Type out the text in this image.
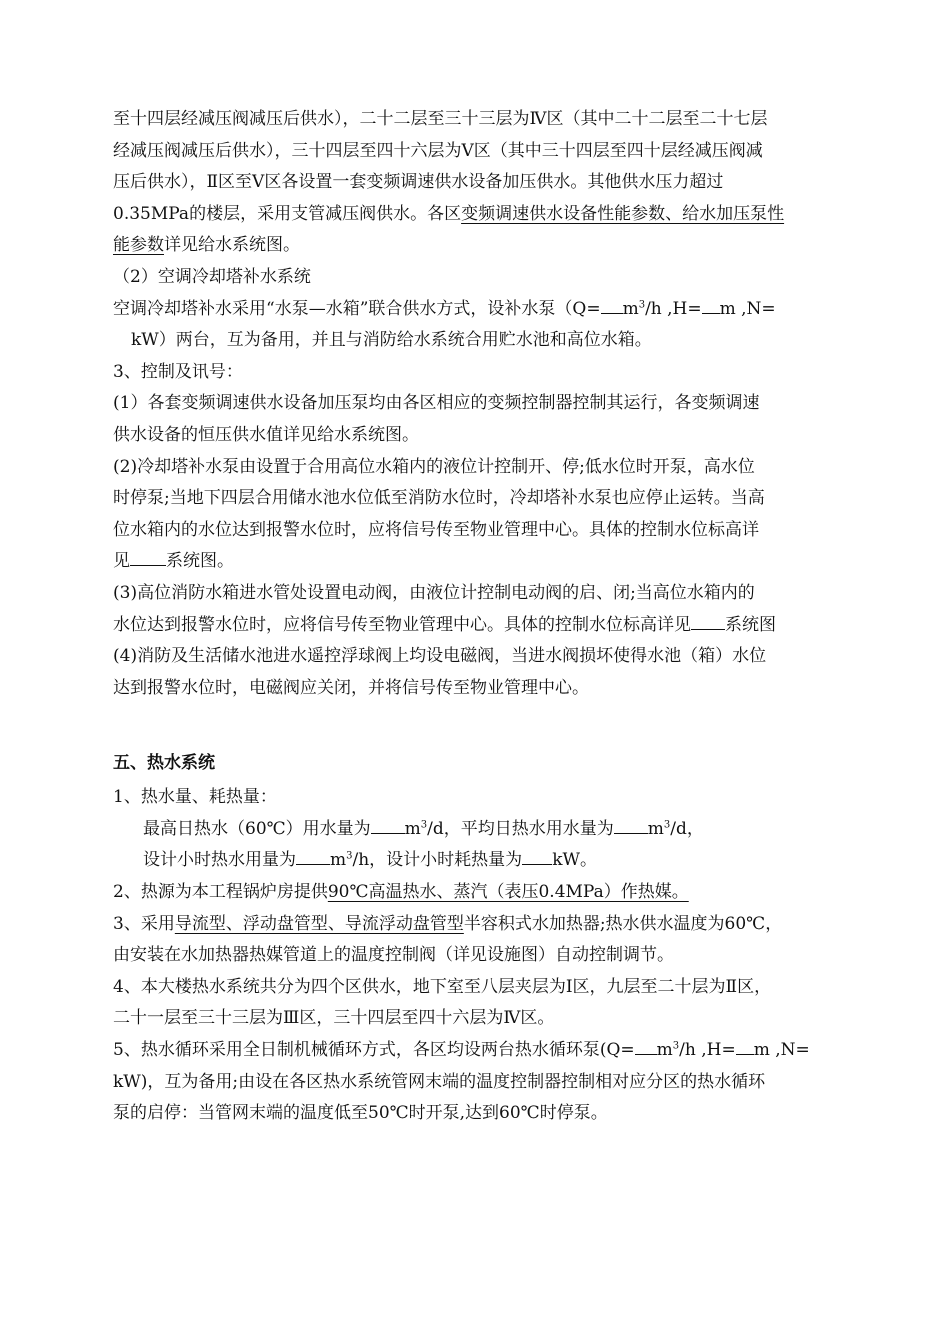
至十四层经减压阀减压后供水），二十二层至三十三层为Ⅳ区（其中二十二层至二十七层
经减压阀减压后供水），三十四层至四十六层为Ⅴ区（其中三十四层至四十层经减压阀减
压后供水），Ⅱ区至Ⅴ区各设置一套变频调速供水设备加压供水。其他供水压力超过
0.35MPa的楼层，采用支管减压阀供水。各区变频调速供水设备性能参数、给水加压泵性
能参数详见给水系统图。
（2）空调冷却塔补水系统
空调冷却塔补水采用“水泵—水箱”联合供水方式，设补水泵（$Q= m^3/h$ ,H= m ,N=
kW）两台，互为备用，并且与消防给水系统合用贮水池和高位水箱。
3、控制及讯号：
(1）各套变频调速供水设备加压泵均由各区相应的变频控制器控制其运行，各变频调速
供水设备的恒压供水值详见给水系统图。
(2)冷却塔补水泵由设置于合用高位水箱内的液位计控制开、停;低水位时开泵，高水位
时停泵;当地下四层合用储水池水位低至消防水位时，冷却塔补水泵也应停止运转。当高
位水箱内的水位达到报警水位时，应将信号传至物业管理中心。具体的控制水位标高详
见 系统图。
(3)高位消防水箱进水管处设置电动阀，由液位计控制电动阀的启、闭;当高位水箱内的
水位达到报警水位时，应将信号传至物业管理中心。具体的控制水位标高详见 系统图
(4)消防及生活储水池进水遥控浮球阀上均设电磁阀，当进水阀损坏使得水池（箱）水位
达到报警水位时，电磁阀应关闭，并将信号传至物业管理中心。
五、热水系统
1、热水量、耗热量：
最高日热水（60℃）用水量为 $m^3/d$，平均日热水用水量为 $m^3/d$，
设计小时热水用量为 $m^3/h$，设计小时耗热量为 kW。
2、热源为本工程锅炉房提供90℃高温热水、蒸汽（表压0.4MPa）作热媒。
3、采用导流型、浮动盘管型、导流浮动盘管型半容积式水加热器;热水供水温度为60℃，
由安装在水加热器热媒管道上的温度控制阀（详见设施图）自动控制调节。
4、本大楼热水系统共分为四个区供水，地下室至八层夹层为Ⅰ区，九层至二十层为Ⅱ区，
二十一层至三十三层为Ⅲ区，三十四层至四十六层为Ⅳ区。
5、热水循环采用全日制机械循环方式，各区均设两台热水循环泵($Q= m^3/h$ ,H= m ,N=
kW)，互为备用;由设在各区热水系统管网末端的温度控制器控制相对应分区的热水循环
泵的启停：当管网末端的温度低至50℃时开泵,达到60℃时停泵。
